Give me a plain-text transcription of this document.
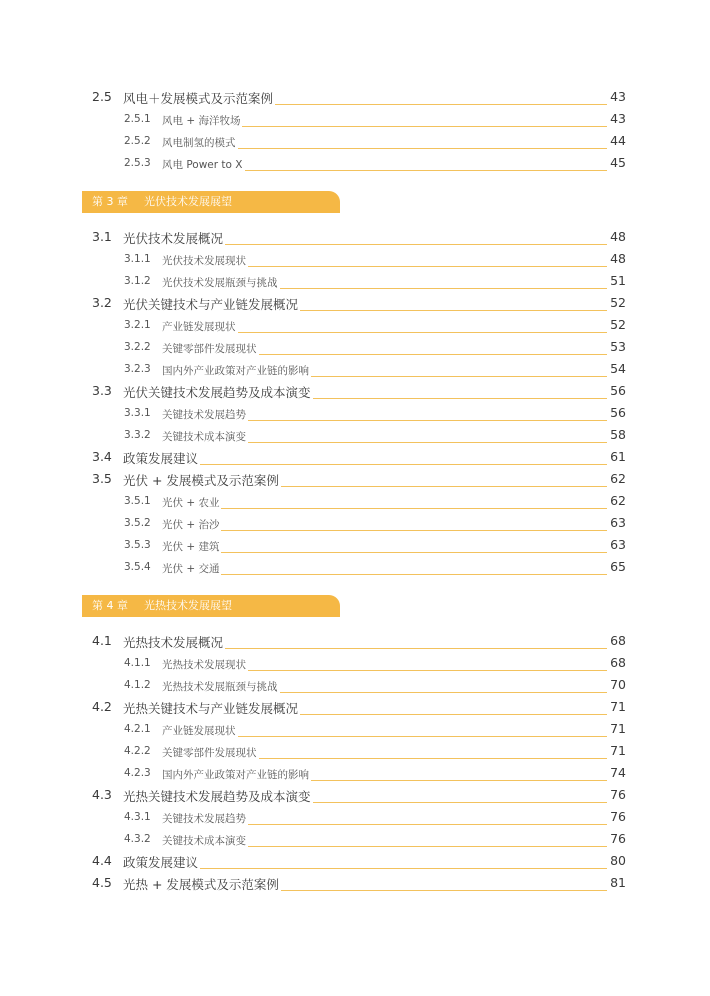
2.5 风电＋发展模式及示范案例	43
2.5.1 风电 + 海洋牧场	43
2.5.2 风电制氢的模式	44
2.5.3 风电 Power to X	45
第 3 章 光伏技术发展展望
3.1 光伏技术发展概况	48
3.1.1 光伏技术发展现状	48
3.1.2 光伏技术发展瓶颈与挑战	51
3.2 光伏关键技术与产业链发展概况	52
3.2.1 产业链发展现状	52
3.2.2 关键零部件发展现状	53
3.2.3 国内外产业政策对产业链的影响	54
3.3 光伏关键技术发展趋势及成本演变	56
3.3.1 关键技术发展趋势	56
3.3.2 关键技术成本演变	58
3.4 政策发展建议	61
3.5 光伏 + 发展模式及示范案例	62
3.5.1 光伏 + 农业	62
3.5.2 光伏 + 治沙	63
3.5.3 光伏 + 建筑	63
3.5.4 光伏 + 交通	65
第 4 章 光热技术发展展望
4.1 光热技术发展概况	68
4.1.1 光热技术发展现状	68
4.1.2 光热技术发展瓶颈与挑战	70
4.2 光热关键技术与产业链发展概况	71
4.2.1 产业链发展现状	71
4.2.2 关键零部件发展现状	71
4.2.3 国内外产业政策对产业链的影响	74
4.3 光热关键技术发展趋势及成本演变	76
4.3.1 关键技术发展趋势	76
4.3.2 关键技术成本演变	76
4.4 政策发展建议	80
4.5 光热 + 发展模式及示范案例	81
